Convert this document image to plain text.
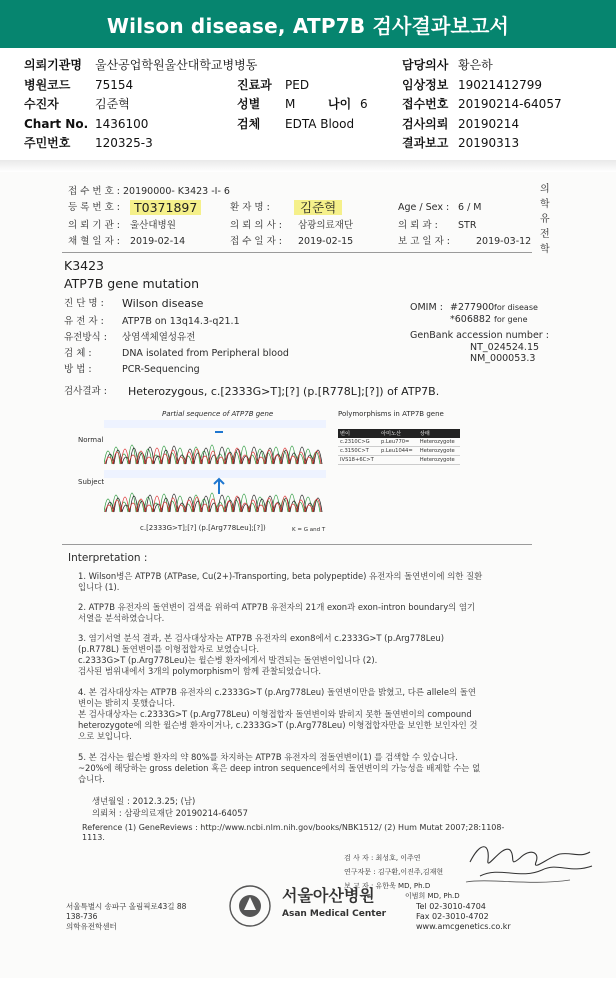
Wilson disease, ATP7B 검사결과보고서
의뢰기관명 울산공업학원울산대학교병병동	담당의사 황은하
병원코드 75154	진료과 PED	임상정보 19021412799
수진자	김준혁	성별 M	나이 6	접수번호 20190214-64057
Chart No. 1436100	검체 EDTA Blood	검사의뢰 20190214
주민번호 120325-3	결과보고 20190313
접 수 번 호 : 20190000- K3423 -I- 6
등 록 번 호 :	T0371897	환 자 명 :	김준혁	Age / Sex : 6 / M
의 뢰 기 관 : 울산대병원	의 뢰 의 사 : 삼광의료재단	의 뢰 과 : STR
채 혈 일 자 : 2019-02-14	접 수 일 자 : 2019-02-15	보 고 일 자 :	2019-03-12
의
학
유
전
학
K3423
ATP7B gene mutation
진 단 명 : Wilson disease
유 전 자 : ATP7B on 13q14.3-q21.1
유전방식 : 상염색체열성유전
검 체 :	DNA isolated from Peripheral blood
방 법 :	PCR-Sequencing
OMIM : #277900 for disease
*606882 for gene
GenBank accession number :
NT_024524.15
NM_000053.3
검사결과 : Heterozygous, c.[2333G>T];[?] (p.[R778L];[?]) of ATP7B.
Partial sequence of ATP7B gene
Normal
Subject
c.[2333G>T];[?] (p.[Arg778Leu];[?])	K = G and T
Polymorphisms in ATP7B gene
변이	아미노산	상태
c.2310C>G	p.Leu770=	Heterozygote
c.3150C>T	p.Leu1044=	Heterozygote
IVS18+6C>T		Heterozygote
Interpretation :
1. Wilson병은 ATP7B (ATPase, Cu(2+)-Transporting, beta polypeptide) 유전자의 돌연변이에 의한 질환
입니다 (1).
2. ATP7B 유전자의 돌연변이 검색을 위하여 ATP7B 유전자의 21개 exon과 exon-intron boundary의 염기
서열을 분석하였습니다.
3. 염기서열 분석 결과, 본 검사대상자는 ATP7B 유전자의 exon8에서 c.2333G>T (p.Arg778Leu)
(p.R778L) 돌연변이를 이형접합자로 보였습니다.
c.2333G>T (p.Arg778Leu)는 윌슨병 환자에게서 발견되는 돌연변이입니다 (2).
검사된 범위내에서 3개의 polymorphism이 함께 관찰되었습니다.
4. 본 검사대상자는 ATP7B 유전자의 c.2333G>T (p.Arg778Leu) 돌연변이만을 밝혔고, 다른 allele의 돌연
변이는 밝히지 못했습니다.
본 검사대상자는 c.2333G>T (p.Arg778Leu) 이형접합자 돌연변이와 밝히지 못한 돌연변이의 compound
heterozygote에 의한 윌슨병 환자이거나, c.2333G>T (p.Arg778Leu) 이형접합자만을 보인한 보인자인 것
으로 보입니다.
5. 본 검사는 윌슨병 환자의 약 80%를 차지하는 ATP7B 유전자의 점돌연변이(1) 를 검색할 수 있습니다.
~20%에 해당하는 gross deletion 혹은 deep intron sequence에서의 돌연변이의 가능성을 배제할 수는 없
습니다.
생년월일 : 2012.3.25; (남)
의뢰처 : 삼광의료재단 20190214-64057
Reference (1) GeneReviews : http://www.ncbi.nlm.nih.gov/books/NBK1512/ (2) Hum Mutat 2007;28:1108-
1113.
검 사 자 : 최성호, 이주연
연구자문 : 김구환,이진주,김재현
보 고 자 : 유한욱 MD, Ph.D
이범희 MD, Ph.D
서울특별시 송파구 올림픽로43길 88
138-736
의학유전학센터
서울아산병원
Asan Medical Center
Tel 02-3010-4704
Fax 02-3010-4702
www.amcgenetics.co.kr
